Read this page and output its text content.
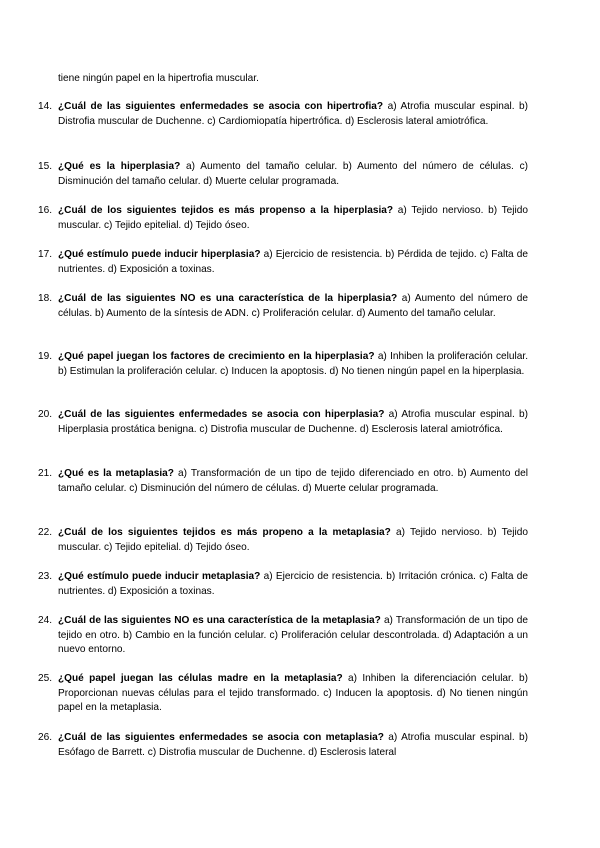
tiene ningún papel en la hipertrofia muscular.

14. ¿Cuál de las siguientes enfermedades se asocia con hipertrofia? a) Atrofia muscular espinal. b) Distrofia muscular de Duchenne. c) Cardiomiopatía hipertrófica. d) Esclerosis lateral amiotrófica.

15. ¿Qué es la hiperplasia? a) Aumento del tamaño celular. b) Aumento del número de células. c) Disminución del tamaño celular. d) Muerte celular programada.

16. ¿Cuál de los siguientes tejidos es más propenso a la hiperplasia? a) Tejido nervioso. b) Tejido muscular. c) Tejido epitelial. d) Tejido óseo.

17. ¿Qué estímulo puede inducir hiperplasia? a) Ejercicio de resistencia. b) Pérdida de tejido. c) Falta de nutrientes. d) Exposición a toxinas.

18. ¿Cuál de las siguientes NO es una característica de la hiperplasia? a) Aumento del número de células. b) Aumento de la síntesis de ADN. c) Proliferación celular. d) Aumento del tamaño celular.

19. ¿Qué papel juegan los factores de crecimiento en la hiperplasia? a) Inhiben la proliferación celular. b) Estimulan la proliferación celular. c) Inducen la apoptosis. d) No tienen ningún papel en la hiperplasia.

20. ¿Cuál de las siguientes enfermedades se asocia con hiperplasia? a) Atrofia muscular espinal. b) Hiperplasia prostática benigna. c) Distrofia muscular de Duchenne. d) Esclerosis lateral amiotrófica.

21. ¿Qué es la metaplasia? a) Transformación de un tipo de tejido diferenciado en otro. b) Aumento del tamaño celular. c) Disminución del número de células. d) Muerte celular programada.

22. ¿Cuál de los siguientes tejidos es más propeno a la metaplasia? a) Tejido nervioso. b) Tejido muscular. c) Tejido epitelial. d) Tejido óseo.

23. ¿Qué estímulo puede inducir metaplasia? a) Ejercicio de resistencia. b) Irritación crónica. c) Falta de nutrientes. d) Exposición a toxinas.

24. ¿Cuál de las siguientes NO es una característica de la metaplasia? a) Transformación de un tipo de tejido en otro. b) Cambio en la función celular. c) Proliferación celular descontrolada. d) Adaptación a un nuevo entorno.

25. ¿Qué papel juegan las células madre en la metaplasia? a) Inhiben la diferenciación celular. b) Proporcionan nuevas células para el tejido transformado. c) Inducen la apoptosis. d) No tienen ningún papel en la metaplasia.

26. ¿Cuál de las siguientes enfermedades se asocia con metaplasia? a) Atrofia muscular espinal. b) Esófago de Barrett. c) Distrofia muscular de Duchenne. d) Esclerosis lateral
